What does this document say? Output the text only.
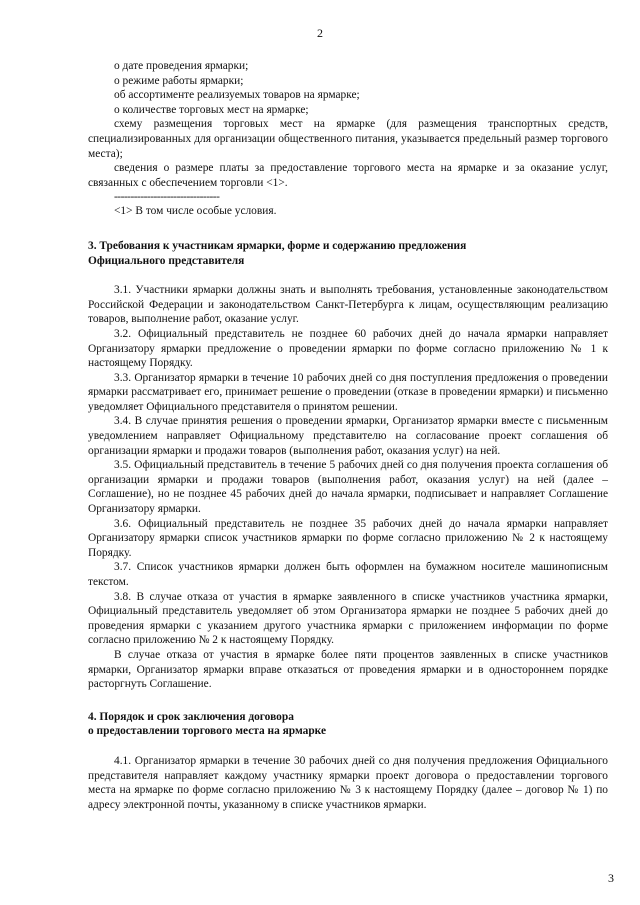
2

о дате проведения ярмарки;

о режиме работы ярмарки;

об ассортименте реализуемых товаров на ярмарке;

о количестве торговых мест на ярмарке;

схему размещения торговых мест на ярмарке (для размещения транспортных средств, специализированных для организации общественного питания, указывается предельный размер торгового места);

сведения о размере платы за предоставление торгового места на ярмарке и за оказание услуг, связанных с обеспечением торговли <1>.

--------------------------------

<1> В том числе особые условия.

3. Требования к участникам ярмарки, форме и содержанию предложения

Официального представителя

3.1. Участники ярмарки должны знать и выполнять требования, установленные законодательством Российской Федерации и законодательством Санкт-Петербурга к лицам, осуществляющим реализацию товаров, выполнение работ, оказание услуг.

3.2. Официальный представитель не позднее 60 рабочих дней до начала ярмарки направляет Организатору ярмарки предложение о проведении ярмарки по форме согласно приложению № 1 к настоящему Порядку.

3.3. Организатор ярмарки в течение 10 рабочих дней со дня поступления предложения о проведении ярмарки рассматривает его, принимает решение о проведении (отказе в проведении ярмарки) и письменно уведомляет Официального представителя о принятом решении.

3.4. В случае принятия решения о проведении ярмарки, Организатор ярмарки вместе с письменным уведомлением направляет Официальному представителю на согласование проект соглашения об организации ярмарки и продажи товаров (выполнения работ, оказания услуг) на ней.

3.5. Официальный представитель в течение 5 рабочих дней со дня получения проекта соглашения об организации ярмарки и продажи товаров (выполнения работ, оказания услуг) на ней (далее – Соглашение), но не позднее 45 рабочих дней до начала ярмарки, подписывает и направляет Соглашение Организатору ярмарки.

3.6. Официальный представитель не позднее 35 рабочих дней до начала ярмарки направляет Организатору ярмарки список участников ярмарки по форме согласно приложению № 2 к настоящему Порядку.

3.7. Список участников ярмарки должен быть оформлен на бумажном носителе машинописным текстом.

3.8. В случае отказа от участия в ярмарке заявленного в списке участников участника ярмарки, Официальный представитель уведомляет об этом Организатора ярмарки не позднее 5 рабочих дней до проведения ярмарки с указанием другого участника ярмарки с приложением информации по форме согласно приложению № 2 к настоящему Порядку.

В случае отказа от участия в ярмарке более пяти процентов заявленных в списке участников ярмарки, Организатор ярмарки вправе отказаться от проведения ярмарки и в одностороннем порядке расторгнуть Соглашение.

4. Порядок и срок заключения договора

о предоставлении торгового места на ярмарке

4.1. Организатор ярмарки в течение 30 рабочих дней со дня получения предложения Официального представителя направляет каждому участнику ярмарки проект договора о предоставлении торгового места на ярмарке по форме согласно приложению № 3 к настоящему Порядку (далее – договор № 1) по адресу электронной почты, указанному в списке участников ярмарки.

3
